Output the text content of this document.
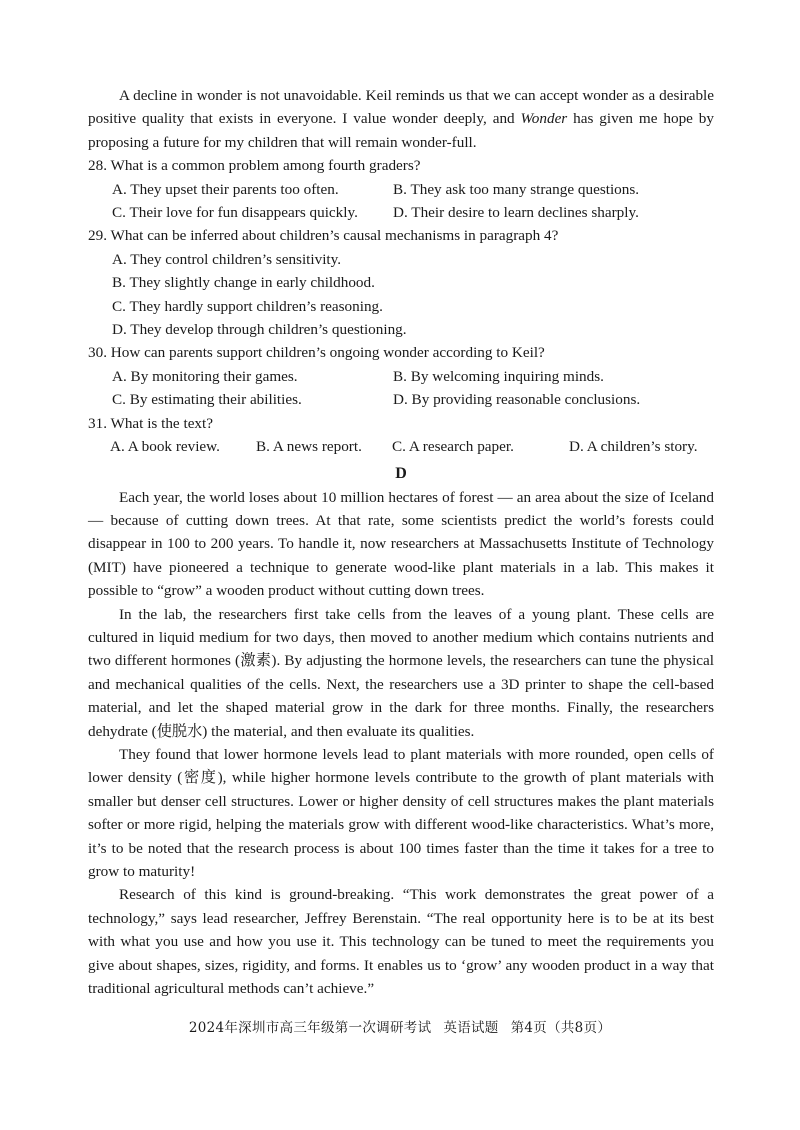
A decline in wonder is not unavoidable. Keil reminds us that we can accept wonder as a desirable positive quality that exists in everyone. I value wonder deeply, and Wonder has given me hope by proposing a future for my children that will remain wonder-full.

28. What is a common problem among fourth graders?

A. They upset their parents too often.	B. They ask too many strange questions.
C. Their love for fun disappears quickly.	D. Their desire to learn declines sharply.

29. What can be inferred about children’s causal mechanisms in paragraph 4?

A. They control children’s sensitivity.
B. They slightly change in early childhood.
C. They hardly support children’s reasoning.
D. They develop through children’s questioning.

30. How can parents support children’s ongoing wonder according to Keil?

A. By monitoring their games.	B. By welcoming inquiring minds.
C. By estimating their abilities.	D. By providing reasonable conclusions.

31. What is the text?

A. A book review.	B. A news report.	C. A research paper.	D. A children’s story.
D

Each year, the world loses about 10 million hectares of forest — an area about the size of Iceland — because of cutting down trees. At that rate, some scientists predict the world’s forests could disappear in 100 to 200 years. To handle it, now researchers at Massachusetts Institute of Technology (MIT) have pioneered a technique to generate wood-like plant materials in a lab. This makes it possible to “grow” a wooden product without cutting down trees.

In the lab, the researchers first take cells from the leaves of a young plant. These cells are cultured in liquid medium for two days, then moved to another medium which contains nutrients and two different hormones (激素). By adjusting the hormone levels, the researchers can tune the physical and mechanical qualities of the cells. Next, the researchers use a 3D printer to shape the cell-based material, and let the shaped material grow in the dark for three months. Finally, the researchers dehydrate (使脱水) the material, and then evaluate its qualities.

They found that lower hormone levels lead to plant materials with more rounded, open cells of lower density (密度), while higher hormone levels contribute to the growth of plant materials with smaller but denser cell structures. Lower or higher density of cell structures makes the plant materials softer or more rigid, helping the materials grow with different wood-like characteristics. What’s more, it’s to be noted that the research process is about 100 times faster than the time it takes for a tree to grow to maturity!

Research of this kind is ground-breaking. “This work demonstrates the great power of a technology,” says lead researcher, Jeffrey Berenstain. “The real opportunity here is to be at its best with what you use and how you use it. This technology can be tuned to meet the requirements you give about shapes, sizes, rigidity, and forms. It enables us to ‘grow’ any wooden product in a way that traditional agricultural methods can’t achieve.”

2024年深圳市高三年级第一次调研考试 英语试题 第4页（共8页）
